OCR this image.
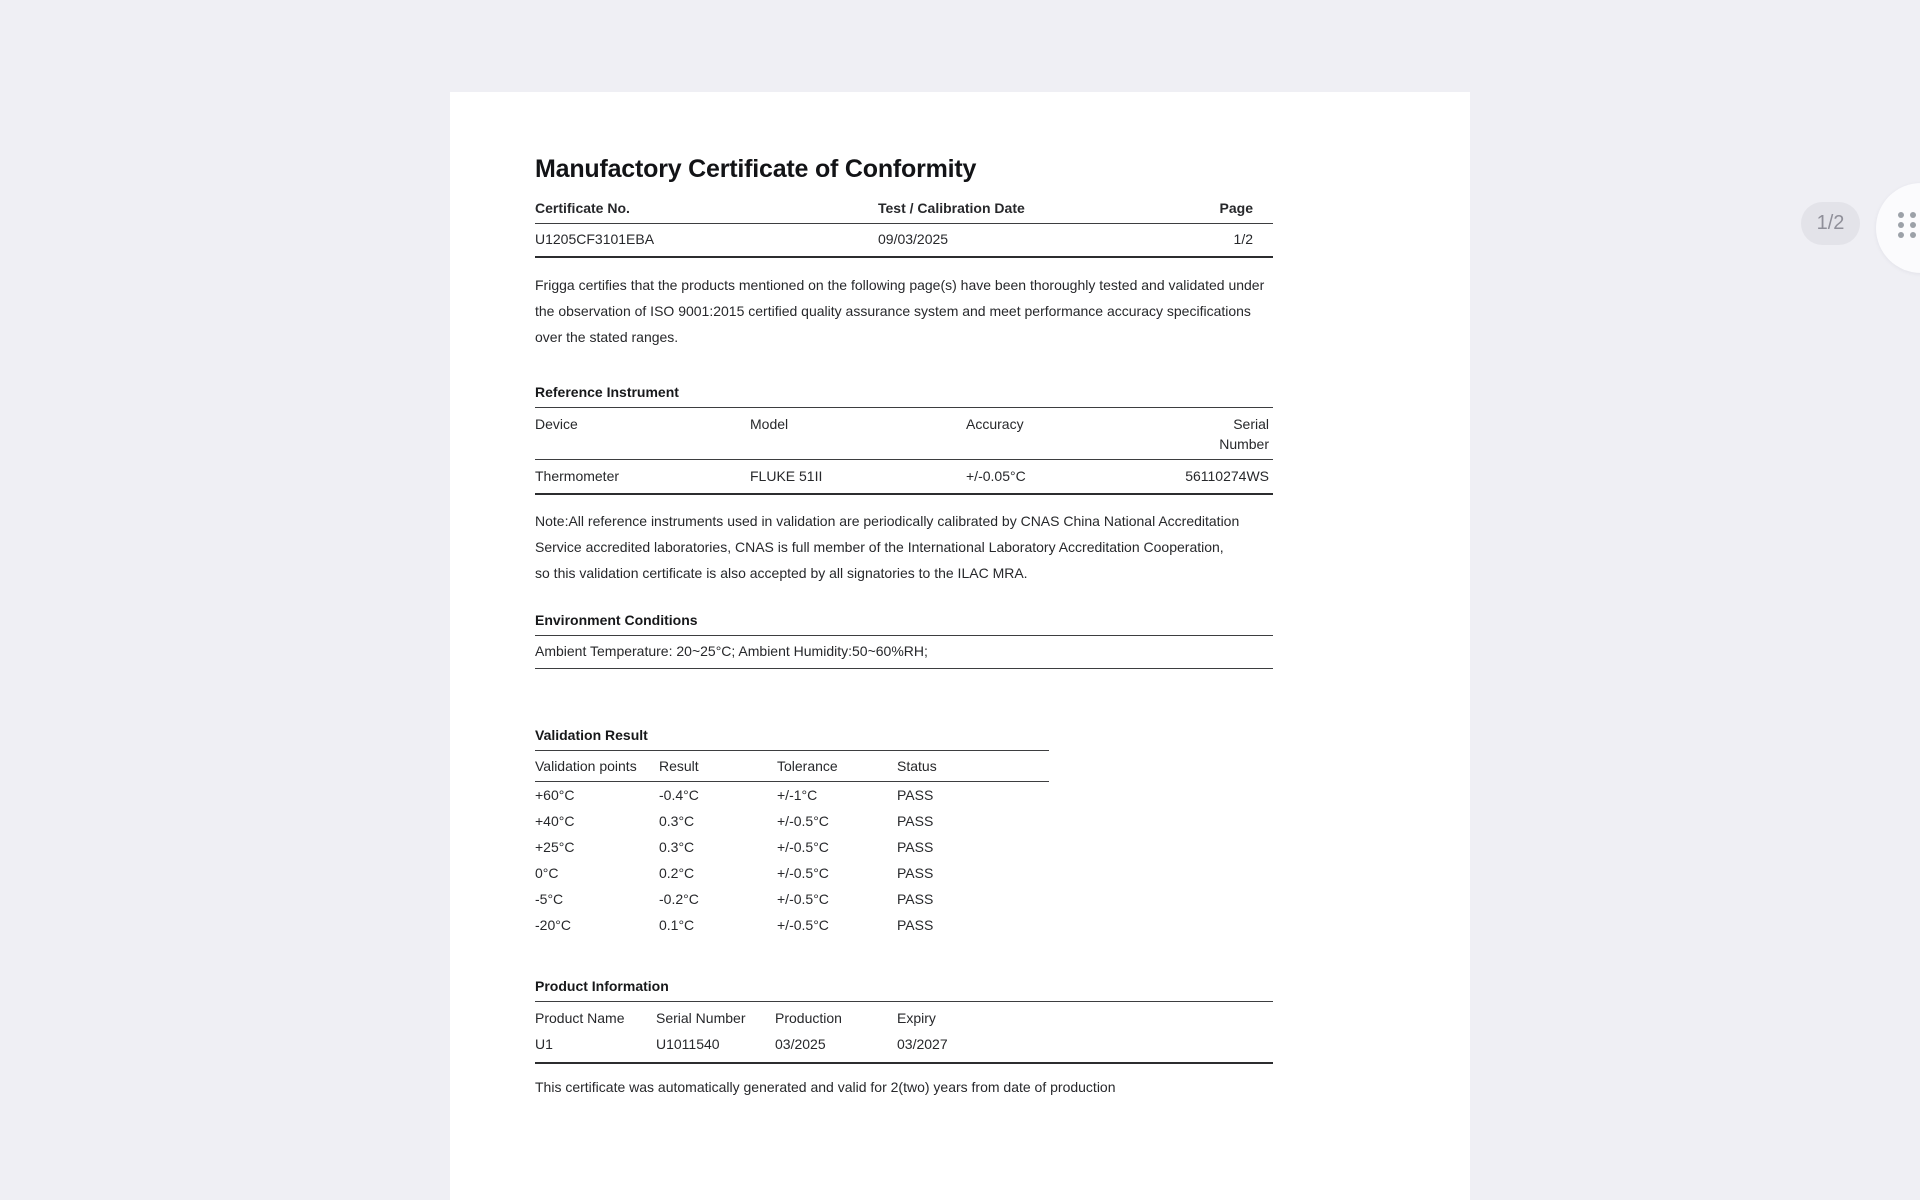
Manufactory Certificate of Conformity
Certificate No.	Test / Calibration Date	Page
U1205CF3101EBA	09/03/2025	1/2
Frigga certifies that the products mentioned on the following page(s) have been thoroughly tested and validated under
the observation of ISO 9001:2015 certified quality assurance system and meet performance accuracy specifications
over the stated ranges.
Reference Instrument
Device	Model	Accuracy	Serial Number
Thermometer	FLUKE 51II	+/-0.05°C	56110274WS
Note:All reference instruments used in validation are periodically calibrated by CNAS China National Accreditation
Service accredited laboratories, CNAS is full member of the International Laboratory Accreditation Cooperation,
so this validation certificate is also accepted by all signatories to the ILAC MRA.
Environment Conditions
Ambient Temperature: 20~25°C; Ambient Humidity:50~60%RH;
Validation Result
Validation points	Result	Tolerance	Status
+60°C	-0.4°C	+/-1°C	PASS
+40°C	0.3°C	+/-0.5°C	PASS
+25°C	0.3°C	+/-0.5°C	PASS
0°C	0.2°C	+/-0.5°C	PASS
-5°C	-0.2°C	+/-0.5°C	PASS
-20°C	0.1°C	+/-0.5°C	PASS
Product Information
Product Name	Serial Number	Production	Expiry
U1	U1011540	03/2025	03/2027
This certificate was automatically generated and valid for 2(two) years from date of production
1/2
